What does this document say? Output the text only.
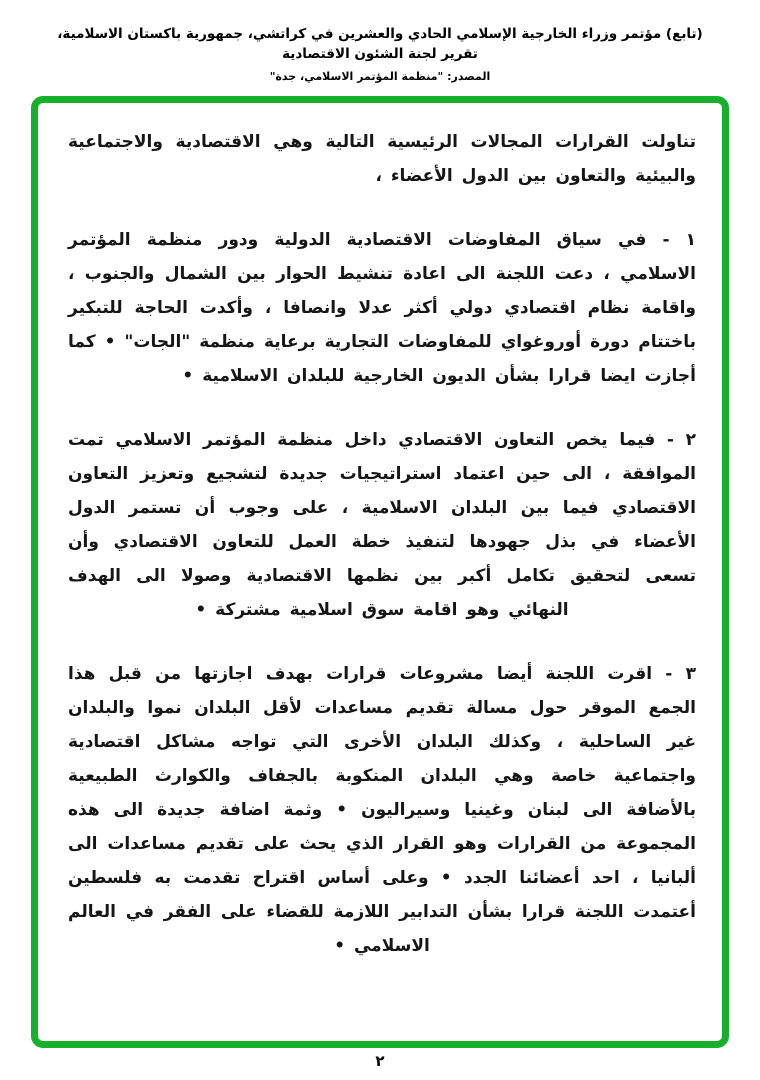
(تابع) مؤتمر وزراء الخارجية الإسلامي الحادي والعشرين في كراتشي، جمهورية باكستان الاسلامية، تقرير لجنة الشئون الاقتصادية
المصدر: "منظمة المؤتمر الاسلامي، جدة"

تناولت القرارات المجالات الرئيسية التالية وهي الاقتصادية والاجتماعية والبيئية والتعاون بين الدول الأعضاء ،

١ - في سياق المفاوضات الاقتصادية الدولية ودور منظمة المؤتمر الاسلامي ، دعت اللجنة الى اعادة تنشيط الحوار بين الشمال والجنوب ، واقامة نظام اقتصادي دولي أكثر عدلا وانصافا ، وأكدت الحاجة للتبكير باختتام دورة أوروغواي للمفاوضات التجارية برعاية منظمة "الجات" • كما أجازت ايضا قرارا بشأن الديون الخارجية للبلدان الاسلامية •

٢ - فيما يخص التعاون الاقتصادي داخل منظمة المؤتمر الاسلامي تمت الموافقة ، الى حين اعتماد استراتيجيات جديدة لتشجيع وتعزيز التعاون الاقتصادي فيما بين البلدان الاسلامية ، على وجوب أن تستمر الدول الأعضاء في بذل جهودها لتنفيذ خطة العمل للتعاون الاقتصادي وأن تسعى لتحقيق تكامل أكبر بين نظمها الاقتصادية وصولا الى الهدف النهائي وهو اقامة سوق اسلامية مشتركة •

٣ - اقرت اللجنة أيضا مشروعات قرارات بهدف اجازتها من قبل هذا الجمع الموقر حول مسالة تقديم مساعدات لأقل البلدان نموا والبلدان غير الساحلية ، وكذلك البلدان الأخرى التي تواجه مشاكل اقتصادية واجتماعية خاصة وهي البلدان المنكوبة بالجفاف والكوارث الطبيعية بالأضافة الى لبنان وغينيا وسيراليون • وثمة اضافة جديدة الى هذه المجموعة من القرارات وهو القرار الذي يحث على تقديم مساعدات الى ألبانيا ، احد أعضائنا الجدد • وعلى أساس اقتراح تقدمت به فلسطين أعتمدت اللجنة قرارا بشأن التدابير اللازمة للقضاء على الفقر في العالم الاسلامي •

٢
